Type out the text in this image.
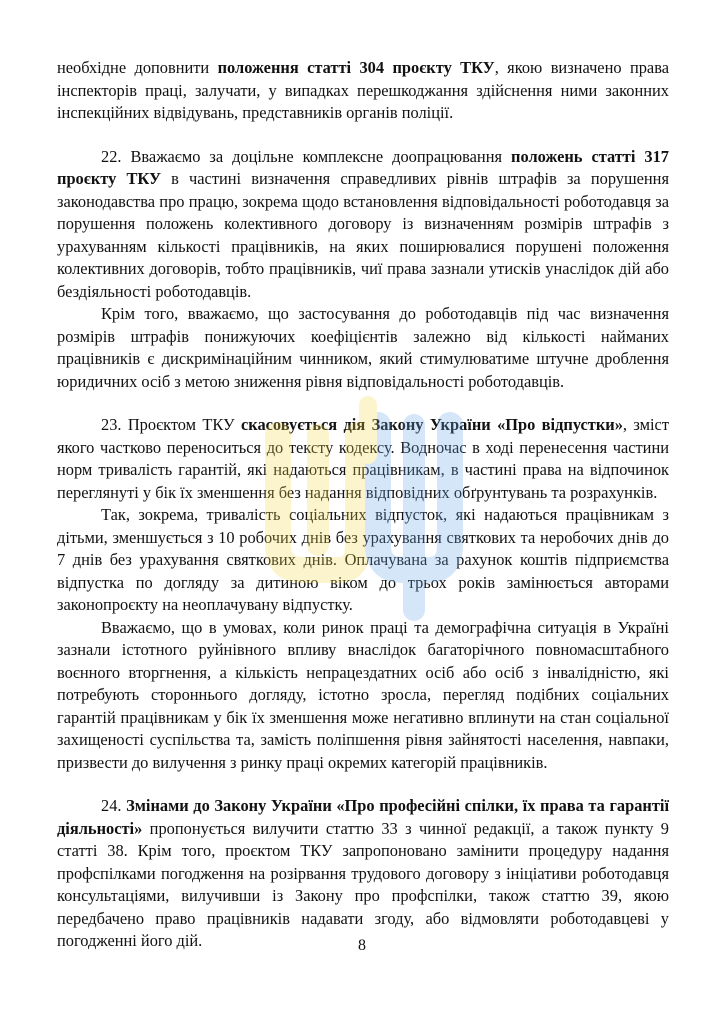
необхідне доповнити положення статті 304 проєкту ТКУ, якою визначено права інспекторів праці, залучати, у випадках перешкоджання здійснення ними законних інспекційних відвідувань, представників органів поліції.

22. Вважаємо за доцільне комплексне доопрацювання положень статті 317 проєкту ТКУ в частині визначення справедливих рівнів штрафів за порушення законодавства про працю, зокрема щодо встановлення відповідальності роботодавця за порушення положень колективного договору із визначенням розмірів штрафів з урахуванням кількості працівників, на яких поширювалися порушені положення колективних договорів, тобто працівників, чиї права зазнали утисків унаслідок дій або бездіяльності роботодавців.

Крім того, вважаємо, що застосування до роботодавців під час визначення розмірів штрафів понижуючих коефіцієнтів залежно від кількості найманих працівників є дискримінаційним чинником, який стимулюватиме штучне дроблення юридичних осіб з метою зниження рівня відповідальності роботодавців.

23. Проєктом ТКУ скасовується дія Закону України «Про відпустки», зміст якого частково переноситься до тексту кодексу. Водночас в ході перенесення частини норм тривалість гарантій, які надаються працівникам, в частині права на відпочинок переглянуті у бік їх зменшення без надання відповідних обґрунтувань та розрахунків.

Так, зокрема, тривалість соціальних відпусток, які надаються працівникам з дітьми, зменшується з 10 робочих днів без урахування святкових та неробочих днів до 7 днів без урахування святкових днів. Оплачувана за рахунок коштів підприємства відпустка по догляду за дитиною віком до трьох років замінюється авторами законопроєкту на неоплачувану відпустку.

Вважаємо, що в умовах, коли ринок праці та демографічна ситуація в Україні зазнали істотного руйнівного впливу внаслідок багаторічного повномасштабного воєнного вторгнення, а кількість непрацездатних осіб або осіб з інвалідністю, які потребують стороннього догляду, істотно зросла, перегляд подібних соціальних гарантій працівникам у бік їх зменшення може негативно вплинути на стан соціальної захищеності суспільства та, замість поліпшення рівня зайнятості населення, навпаки, призвести до вилучення з ринку праці окремих категорій працівників.

24. Змінами до Закону України «Про професійні спілки, їх права та гарантії діяльності» пропонується вилучити статтю 33 з чинної редакції, а також пункту 9 статті 38. Крім того, проєктом ТКУ запропоновано замінити процедуру надання профспілками погодження на розірвання трудового договору з ініціативи роботодавця консультаціями, вилучивши із Закону про профспілки, також статтю 39, якою передбачено право працівників надавати згоду, або відмовляти роботодавцеві у погодженні його дій.	8
